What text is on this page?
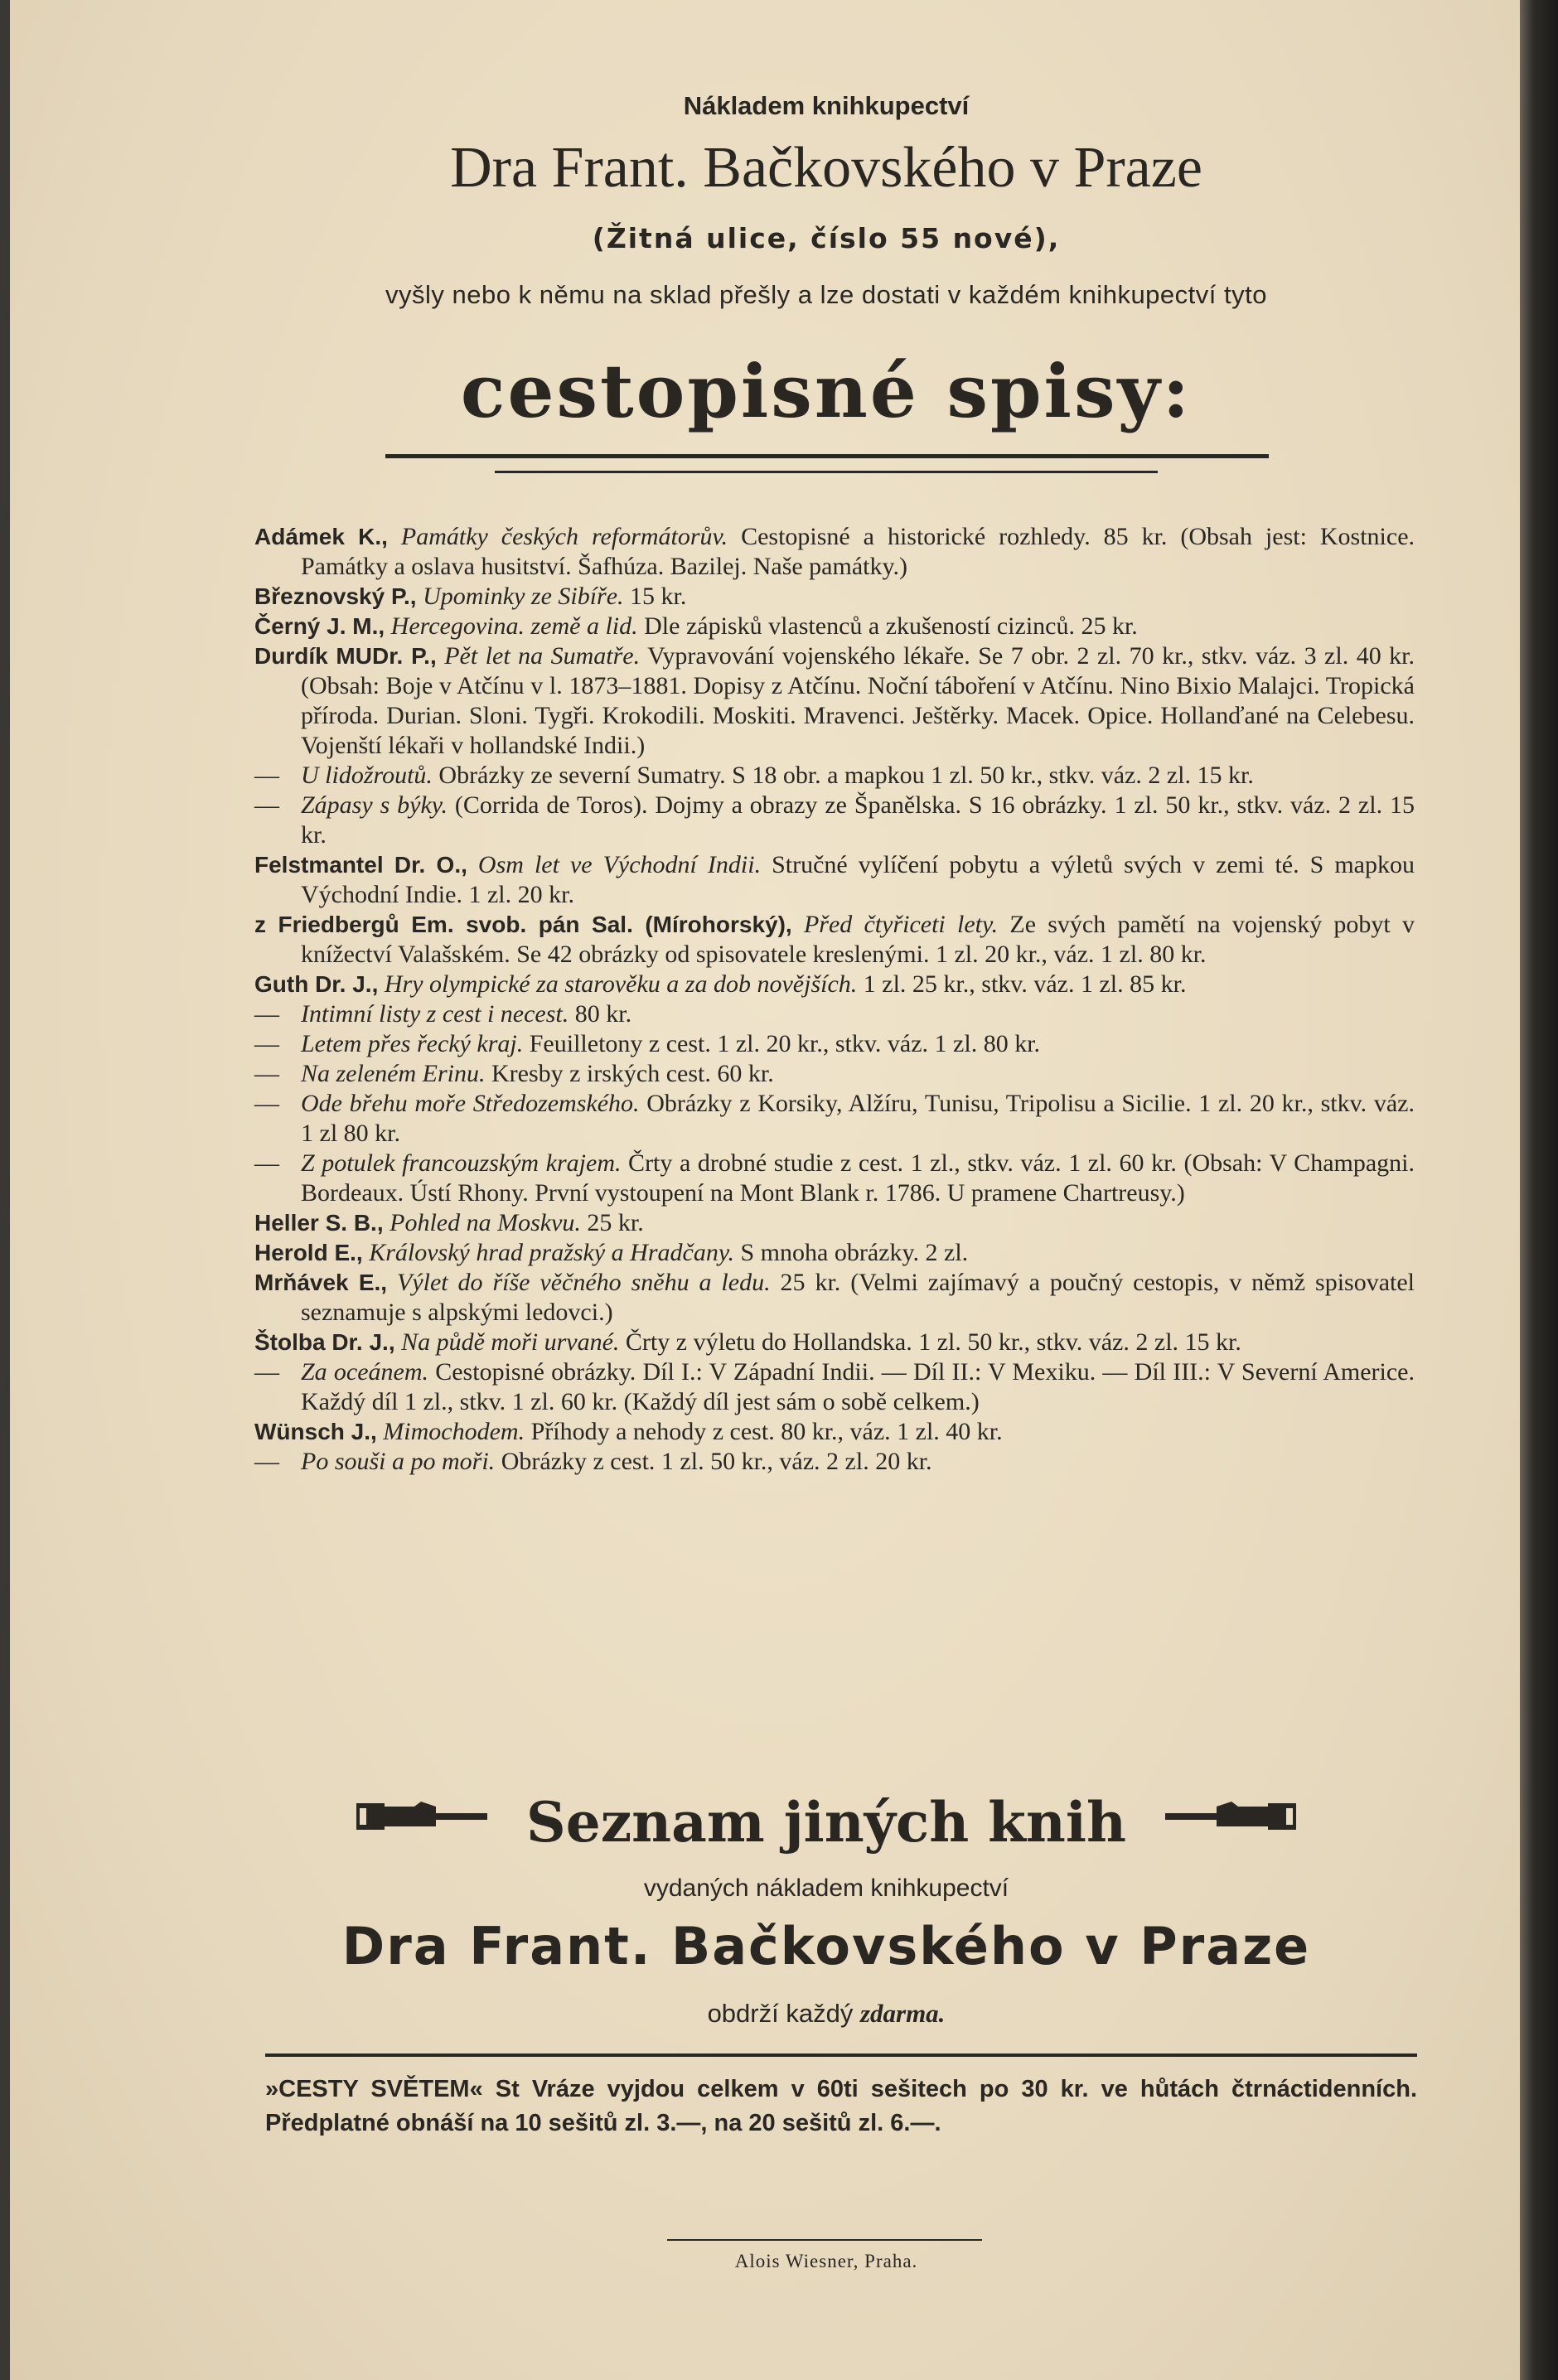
Nákladem knihkupectví
Dra Frant. Bačkovského v Praze
(Žitná ulice, číslo 55 nové),
vyšly nebo k němu na sklad přešly a lze dostati v každém knihkupectví tyto
cestopisné spisy:
Adámek K., Památky českých reformátorův. Cestopisné a historické rozhledy. 85 kr. (Obsah jest: Kostnice. Památky a oslava husitství. Šafhúza. Bazilej. Naše památky.)
Březnovský P., Upominky ze Sibíře. 15 kr.
Černý J. M., Hercegovina. země a lid. Dle zápisků vlastenců a zkušeností cizinců. 25 kr.
Durdík MUDr. P., Pět let na Sumatře. Vypravování vojenského lékaře. Se 7 obr. 2 zl. 70 kr., stkv. váz. 3 zl. 40 kr. (Obsah: Boje v Atčínu v l. 1873–1881. Dopisy z Atčínu. Noční táboření v Atčínu. Nino Bixio Malajci. Tropická příroda. Durian. Sloni. Tygři. Krokodili. Moskiti. Mravenci. Ještěrky. Macek. Opice. Hollanďané na Celebesu. Vojenští lékaři v hollandské Indii.)
— U lidožroutů. Obrázky ze severní Sumatry. S 18 obr. a mapkou 1 zl. 50 kr., stkv. váz. 2 zl. 15 kr.
— Zápasy s býky. (Corrida de Toros). Dojmy a obrazy ze Španělska. S 16 obrázky. 1 zl. 50 kr., stkv. váz. 2 zl. 15 kr.
Felstmantel Dr. O., Osm let ve Východní Indii. Stručné vylíčení pobytu a výletů svých v zemi té. S mapkou Východní Indie. 1 zl. 20 kr.
z Friedbergů Em. svob. pán Sal. (Mírohorský), Před čtyřiceti lety. Ze svých pamětí na vojenský pobyt v knížectví Valašském. Se 42 obrázky od spisovatele kreslenými. 1 zl. 20 kr., váz. 1 zl. 80 kr.
Guth Dr. J., Hry olympické za starověku a za dob novějších. 1 zl. 25 kr., stkv. váz. 1 zl. 85 kr.
— Intimní listy z cest i necest. 80 kr.
— Letem přes řecký kraj. Feuilletony z cest. 1 zl. 20 kr., stkv. váz. 1 zl. 80 kr.
— Na zeleném Erinu. Kresby z irských cest. 60 kr.
— Ode břehu moře Středozemského. Obrázky z Korsiky, Alžíru, Tunisu, Tripolisu a Sicilie. 1 zl. 20 kr., stkv. váz. 1 zl 80 kr.
— Z potulek francouzským krajem. Črty a drobné studie z cest. 1 zl., stkv. váz. 1 zl. 60 kr. (Obsah: V Champagni. Bordeaux. Ústí Rhony. První vystoupení na Mont Blank r. 1786. U pramene Chartreusy.)
Heller S. B., Pohled na Moskvu. 25 kr.
Herold E., Královský hrad pražský a Hradčany. S mnoha obrázky. 2 zl.
Mrňávek E., Výlet do říše věčného sněhu a ledu. 25 kr. (Velmi zajímavý a poučný cestopis, v němž spisovatel seznamuje s alpskými ledovci.)
Štolba Dr. J., Na půdě moři urvané. Črty z výletu do Hollandska. 1 zl. 50 kr., stkv. váz. 2 zl. 15 kr.
— Za oceánem. Cestopisné obrázky. Díl I.: V Západní Indii. — Díl II.: V Mexiku. — Díl III.: V Severní Americe. Každý díl 1 zl., stkv. 1 zl. 60 kr. (Každý díl jest sám o sobě celkem.)
Wünsch J., Mimochodem. Příhody a nehody z cest. 80 kr., váz. 1 zl. 40 kr.
— Po souši a po moři. Obrázky z cest. 1 zl. 50 kr., váz. 2 zl. 20 kr.
Seznam jiných knih
vydaných nákladem knihkupectví
Dra Frant. Bačkovského v Praze
obdrží každý zdarma.
»CESTY SVĚTEM« St Vráze vyjdou celkem v 60ti sešitech po 30 kr. ve hůtách čtrnáctidenních. Předplatné obnáší na 10 sešitů zl. 3.—, na 20 sešitů zl. 6.—.
Alois Wiesner, Praha.
